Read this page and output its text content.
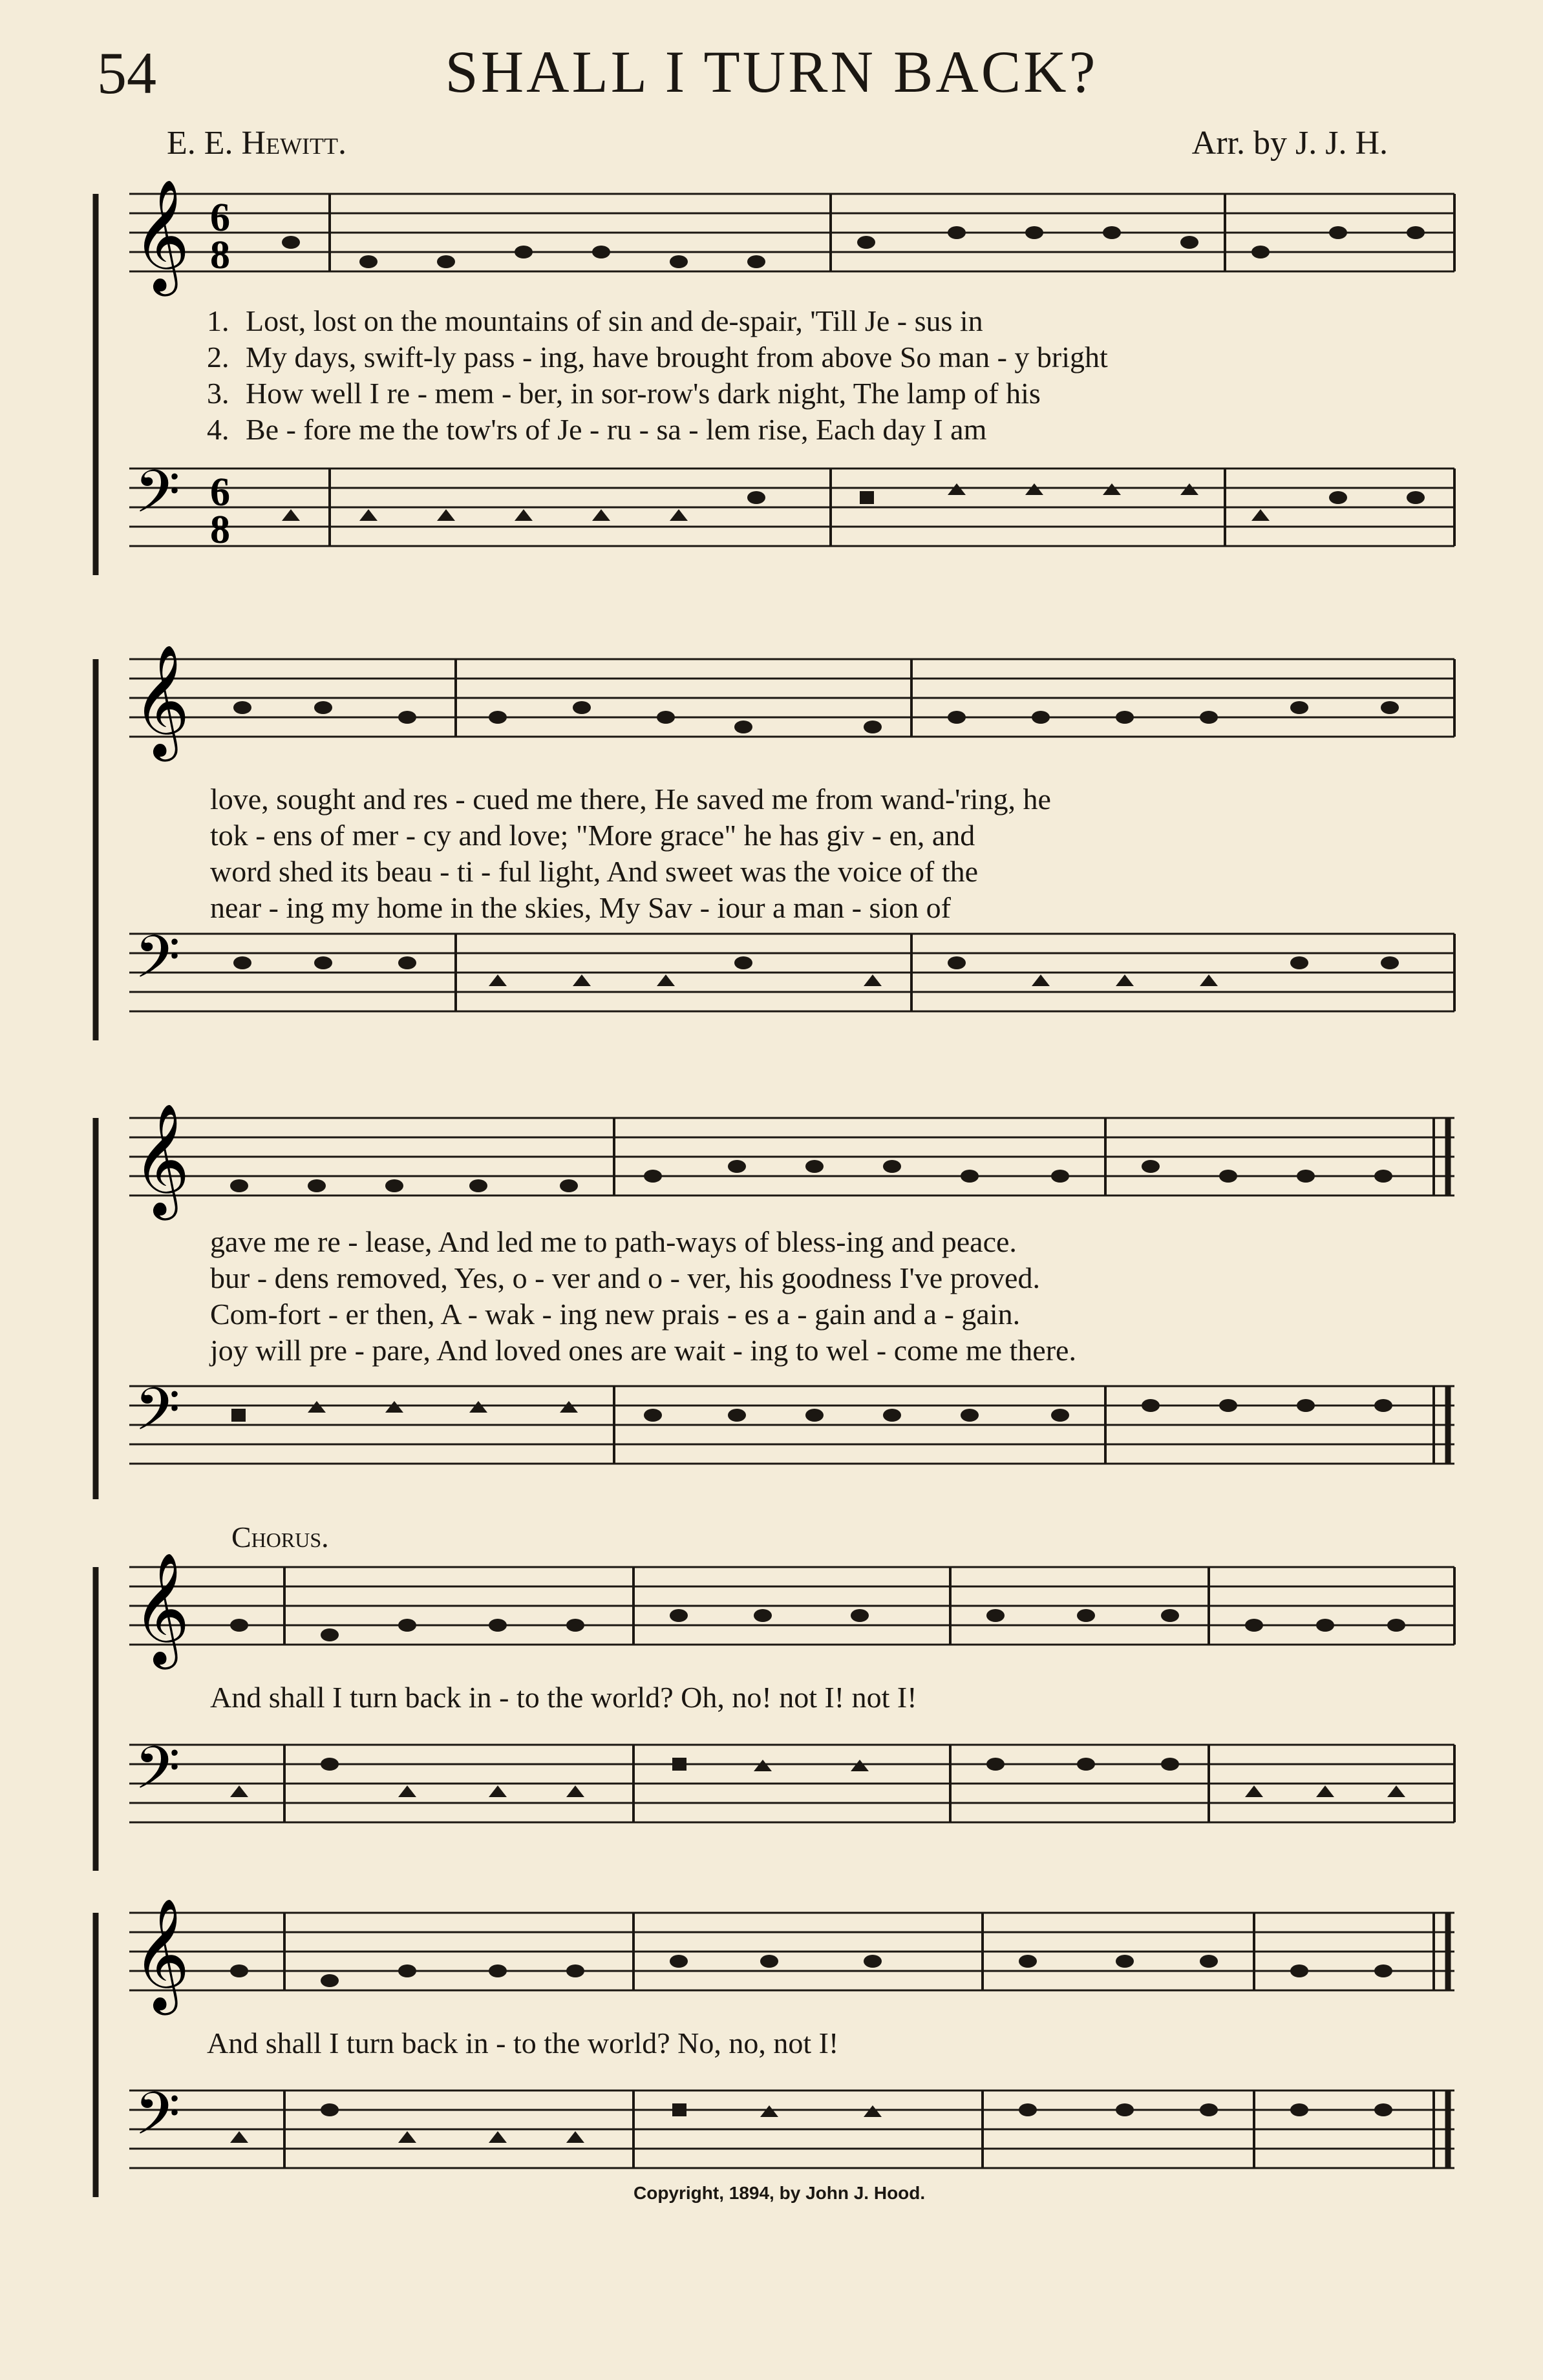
54	SHALL I TURN BACK?
E. E. Hewitt.	Arr. by J. J. H.
𝄞 6
8
1. Lost, lost on the mountains of sin and de-spair, 'Till Je - sus in
2. My days, swift-ly pass - ing, have brought from above So man - y bright
3. How well I re - mem - ber, in sor-row's dark night, The lamp of his
4. Be - fore me the tow'rs of Je - ru - sa - lem rise, Each day I am
𝄢 6
8
𝄞
love, sought and res - cued me there, He saved me from wand-'ring, he
tok - ens of mer - cy and love; "More grace" he has giv - en, and
word shed its beau - ti - ful light, And sweet was the voice of the
near - ing my home in the skies, My Sav - iour a man - sion of
𝄢
𝄞
gave me re - lease, And led me to path-ways of bless-ing and peace.
bur - dens removed, Yes, o - ver and o - ver, his goodness I've proved.
Com-fort - er then, A - wak - ing new prais - es a - gain and a - gain.
joy will pre - pare, And loved ones are wait - ing to wel - come me there.
𝄢
Chorus.
𝄞
And shall I turn back in - to the world? Oh, no! not I! not I!
𝄢
𝄞
And shall I turn back in - to the world? No, no, not I!
𝄢
Copyright, 1894, by John J. Hood.
